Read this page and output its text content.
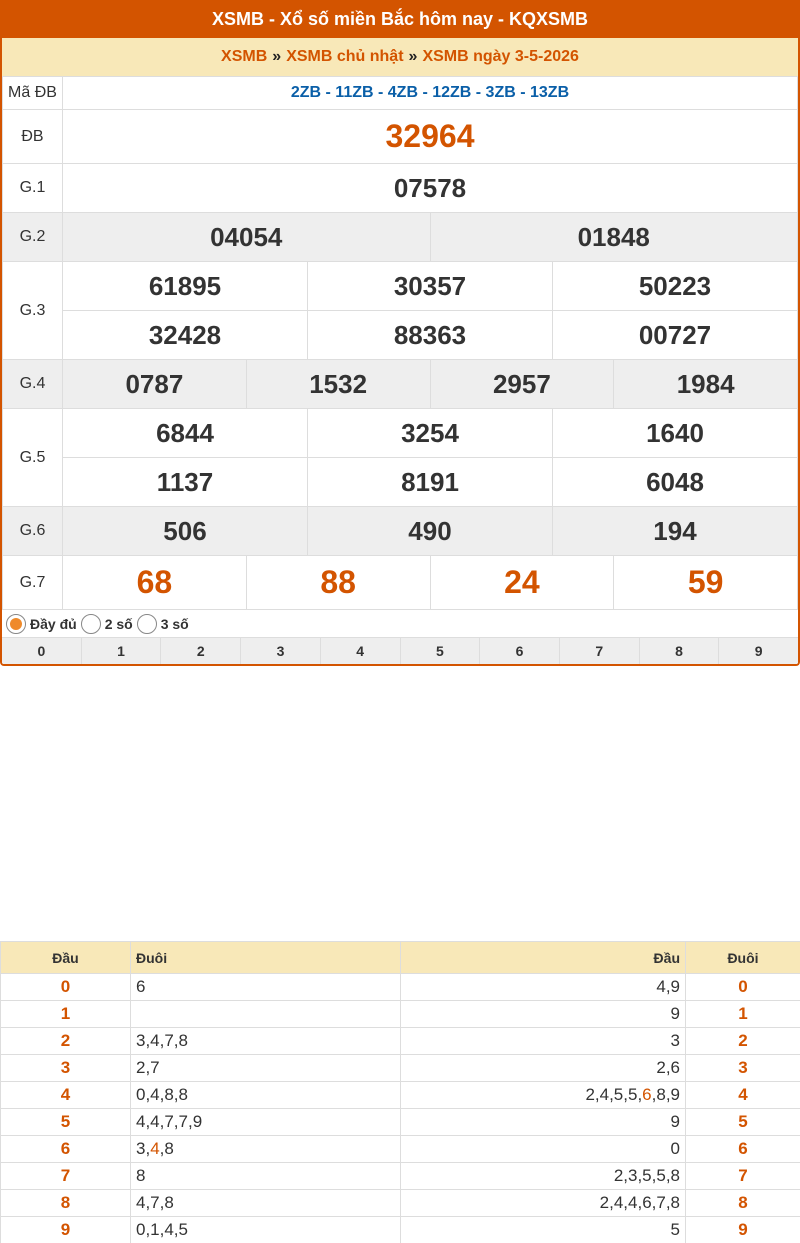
XSMB - Xổ số miền Bắc hôm nay - KQXSMB
XSMB » XSMB chủ nhật » XSMB ngày 3-5-2026
Mã ĐB	2ZB - 11ZB - 4ZB - 12ZB - 3ZB - 13ZB					
ĐB	32964					
G.1	07578					
G.2	04054			01848		
G.3	61895		30357		50223	
	32428		88363		00727	
G.4	0787	1532		2957		1984
G.5	6844		3254		1640	
	1137		8191		6048	
G.6	506		490		194	
G.7	68	88		24		59
Đầy đủ 2 số 3 số
0	1	2	3	4	5	6	7	8	9
Đầu	Đuôi	Đầu	Đuôi
0	6	4,9	0
1		9	1
2	3,4,7,8	3	2
3	2,7	2,6	3
4	0,4,8,8	2,4,5,5,6,8,9	4
5	4,4,7,7,9	9	5
6	3,4,8	0	6
7	8	2,3,5,5,8	7
8	4,7,8	2,4,4,6,7,8	8
9	0,1,4,5	5	9
